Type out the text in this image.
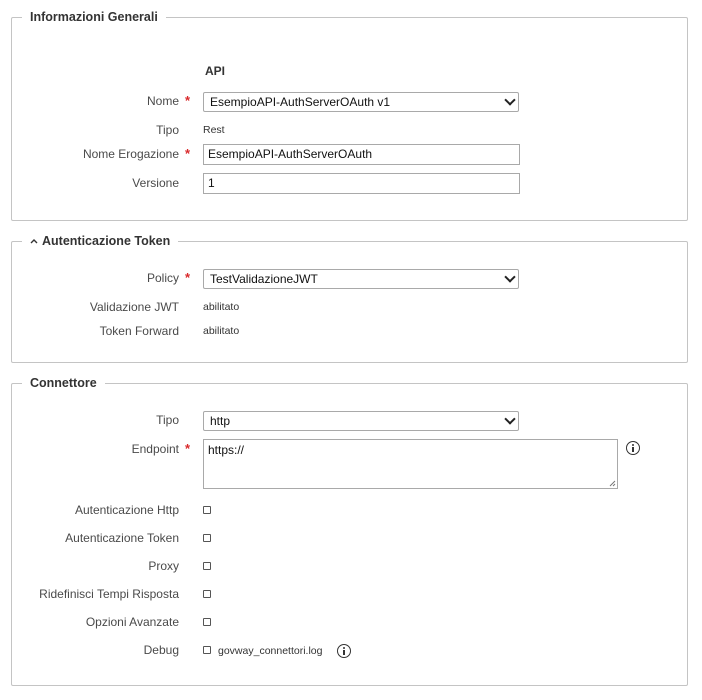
Informazioni Generali
API
Nome *	EsempioAPI-AuthServerOAuth v1
Tipo Rest
Nome Erogazione *	EsempioAPI-AuthServerOAuth
Versione	1
Autenticazione Token
Policy *	TestValidazioneJWT
Validazione JWT abilitato
Token Forward abilitato
Connettore
Tipo	http
Endpoint *	https://
Autenticazione Http
Autenticazione Token
Proxy
Ridefinisci Tempi Risposta
Opzioni Avanzate
Debug	govway_connettori.log
